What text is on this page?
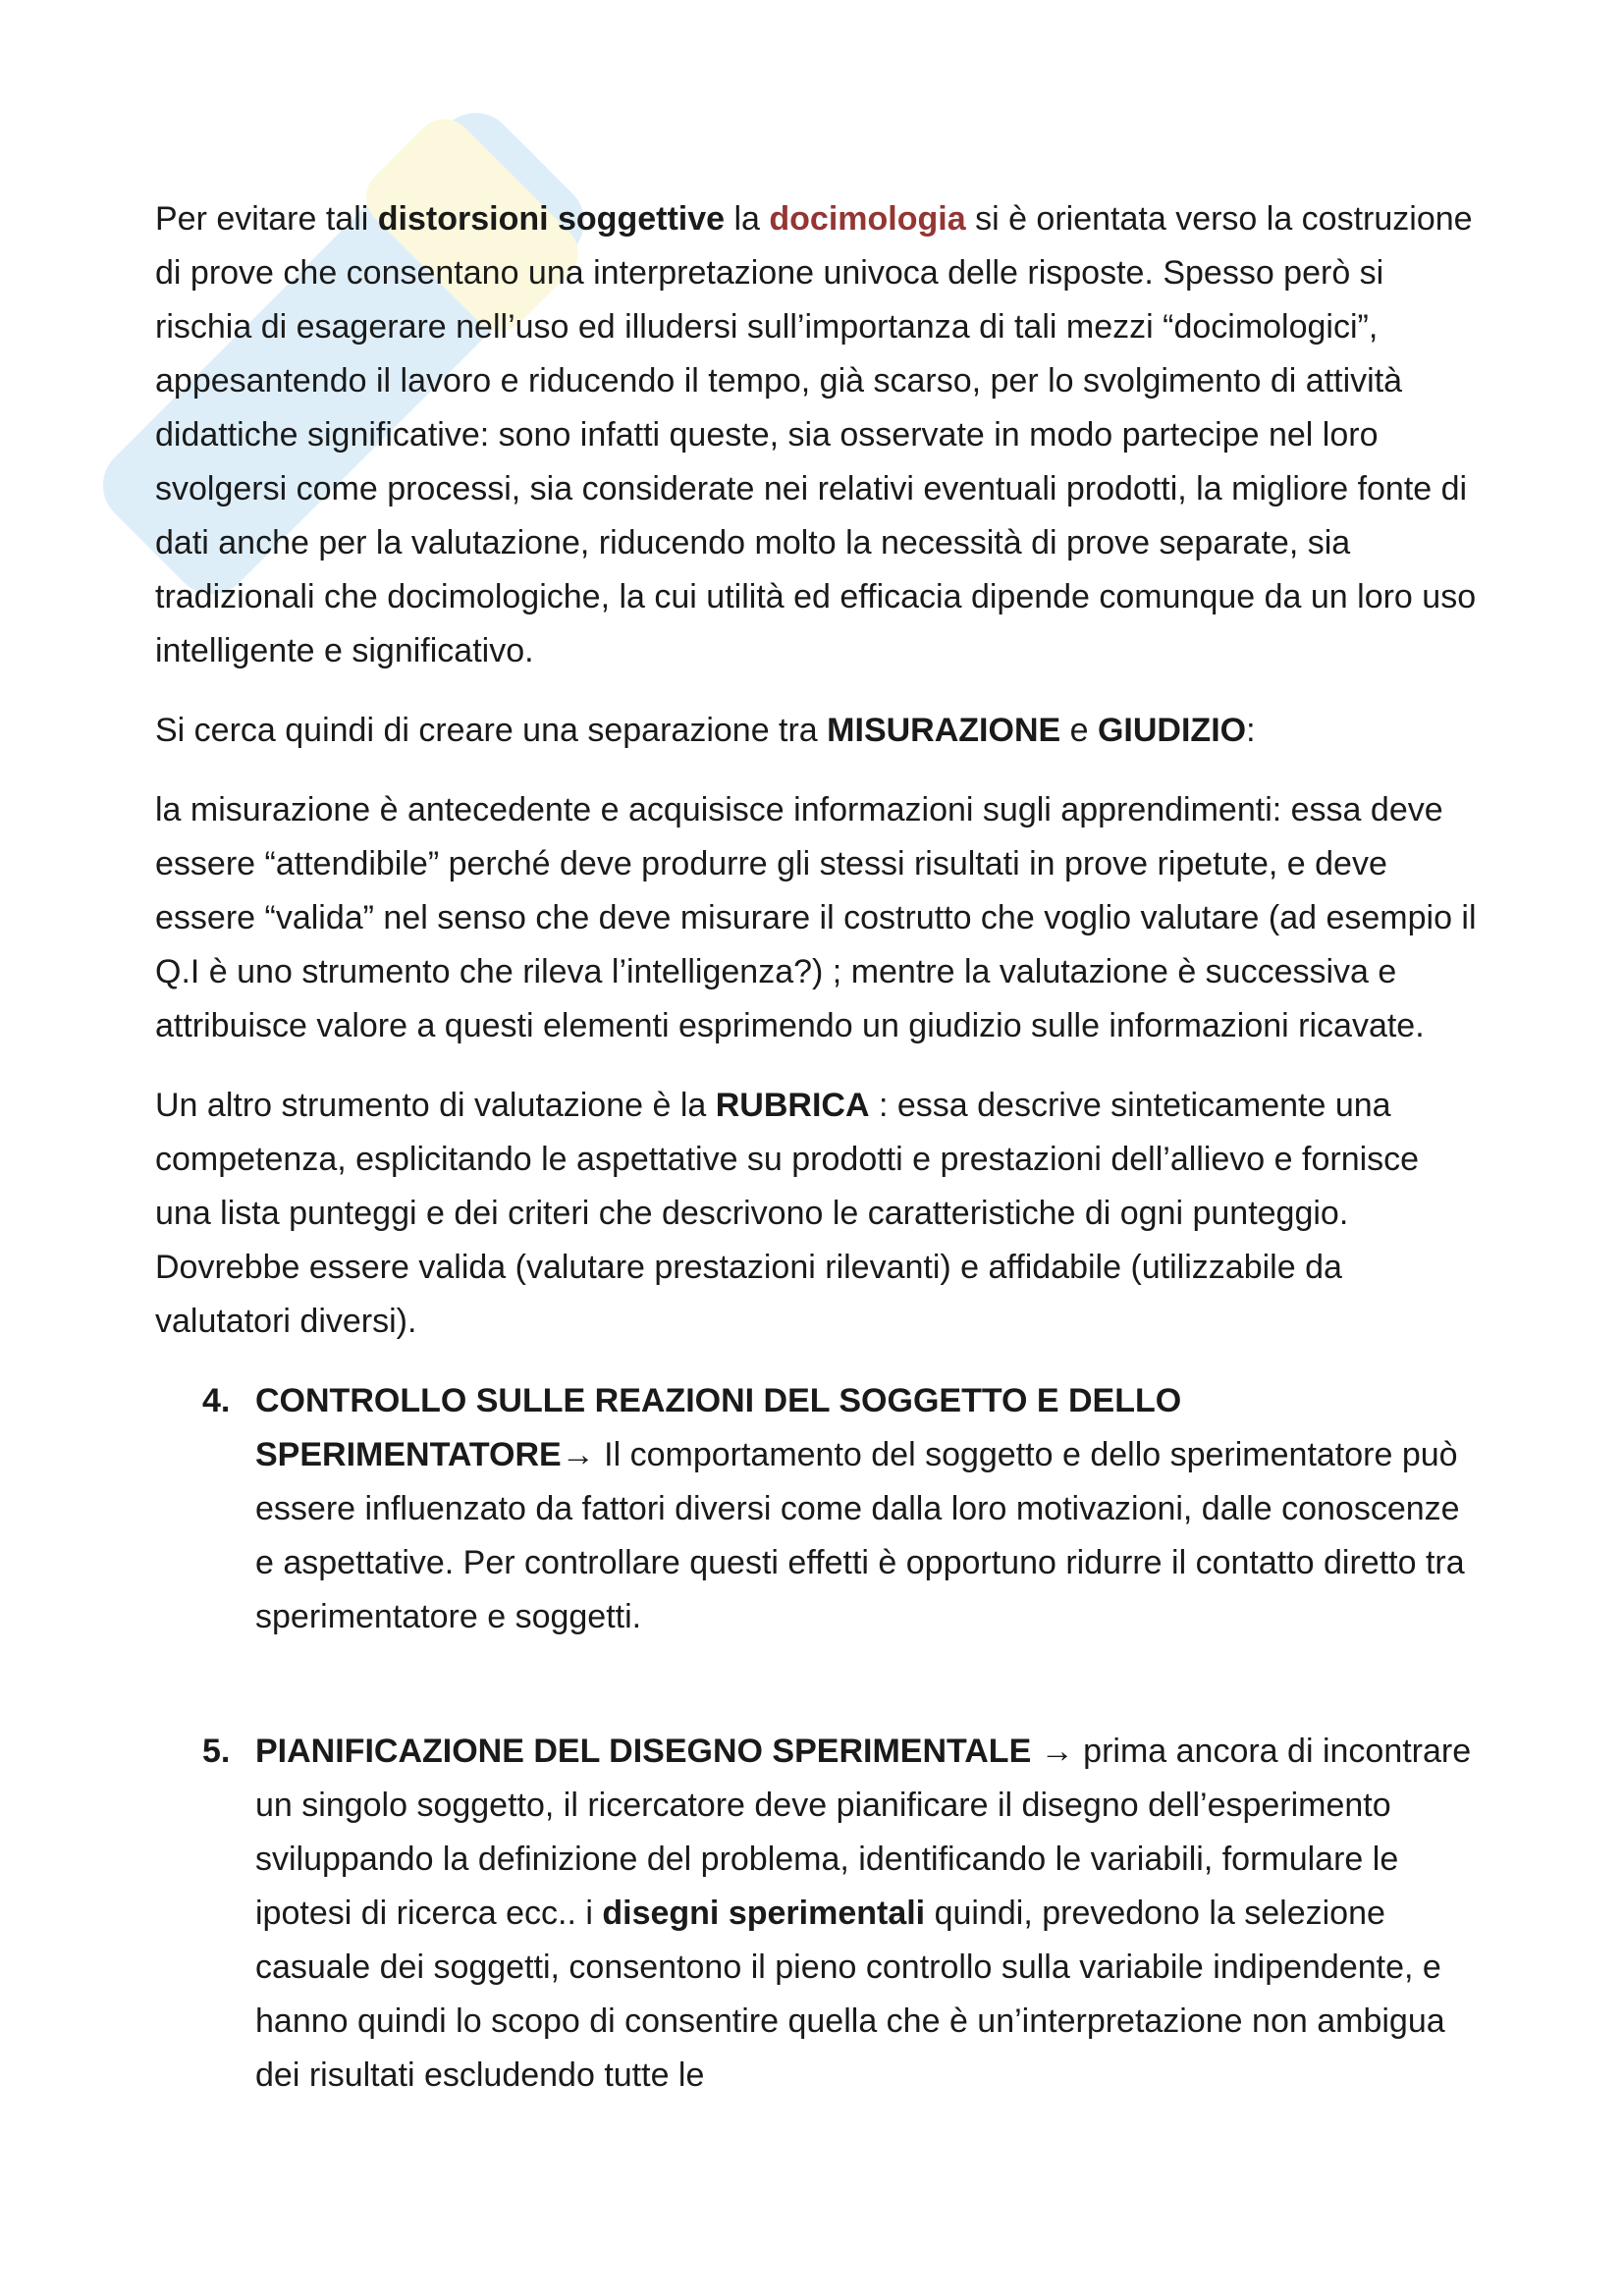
Per evitare tali distorsioni soggettive la docimologia si è orientata verso la costruzione di prove che consentano una interpretazione univoca delle risposte. Spesso però si rischia di esagerare nell’uso ed illudersi sull’importanza di tali mezzi “docimologici”, appesantendo il lavoro e riducendo il tempo, già scarso, per lo svolgimento di attività didattiche significative: sono infatti queste, sia osservate in modo partecipe nel loro svolgersi come processi, sia considerate nei relativi eventuali prodotti, la migliore fonte di dati anche per la valutazione, riducendo molto la necessità di prove separate, sia tradizionali che docimologiche, la cui utilità ed efficacia dipende comunque da un loro uso intelligente e significativo.

Si cerca quindi di creare una separazione tra MISURAZIONE e GIUDIZIO:

la misurazione è antecedente e acquisisce informazioni sugli apprendimenti: essa deve essere “attendibile” perché deve produrre gli stessi risultati in prove ripetute, e deve essere “valida” nel senso che deve misurare il costrutto che voglio valutare (ad esempio il Q.I è uno strumento che rileva l’intelligenza?) ; mentre la valutazione è successiva e attribuisce valore a questi elementi esprimendo un giudizio sulle informazioni ricavate.

Un altro strumento di valutazione è la RUBRICA : essa descrive sinteticamente una competenza, esplicitando le aspettative su prodotti e prestazioni dell’allievo e fornisce una lista punteggi e dei criteri che descrivono le caratteristiche di ogni punteggio. Dovrebbe essere valida (valutare prestazioni rilevanti) e affidabile (utilizzabile da valutatori diversi).

4. CONTROLLO SULLE REAZIONI DEL SOGGETTO E DELLO SPERIMENTATORE→ Il comportamento del soggetto e dello sperimentatore può essere influenzato da fattori diversi come dalla loro motivazioni, dalle conoscenze e aspettative. Per controllare questi effetti è opportuno ridurre il contatto diretto tra sperimentatore e soggetti.
5. PIANIFICAZIONE DEL DISEGNO SPERIMENTALE → prima ancora di incontrare un singolo soggetto, il ricercatore deve pianificare il disegno dell’esperimento sviluppando la definizione del problema, identificando le variabili, formulare le ipotesi di ricerca ecc.. i disegni sperimentali quindi, prevedono la selezione casuale dei soggetti, consentono il pieno controllo sulla variabile indipendente, e hanno quindi lo scopo di consentire quella che è un’interpretazione non ambigua dei risultati escludendo tutte le
